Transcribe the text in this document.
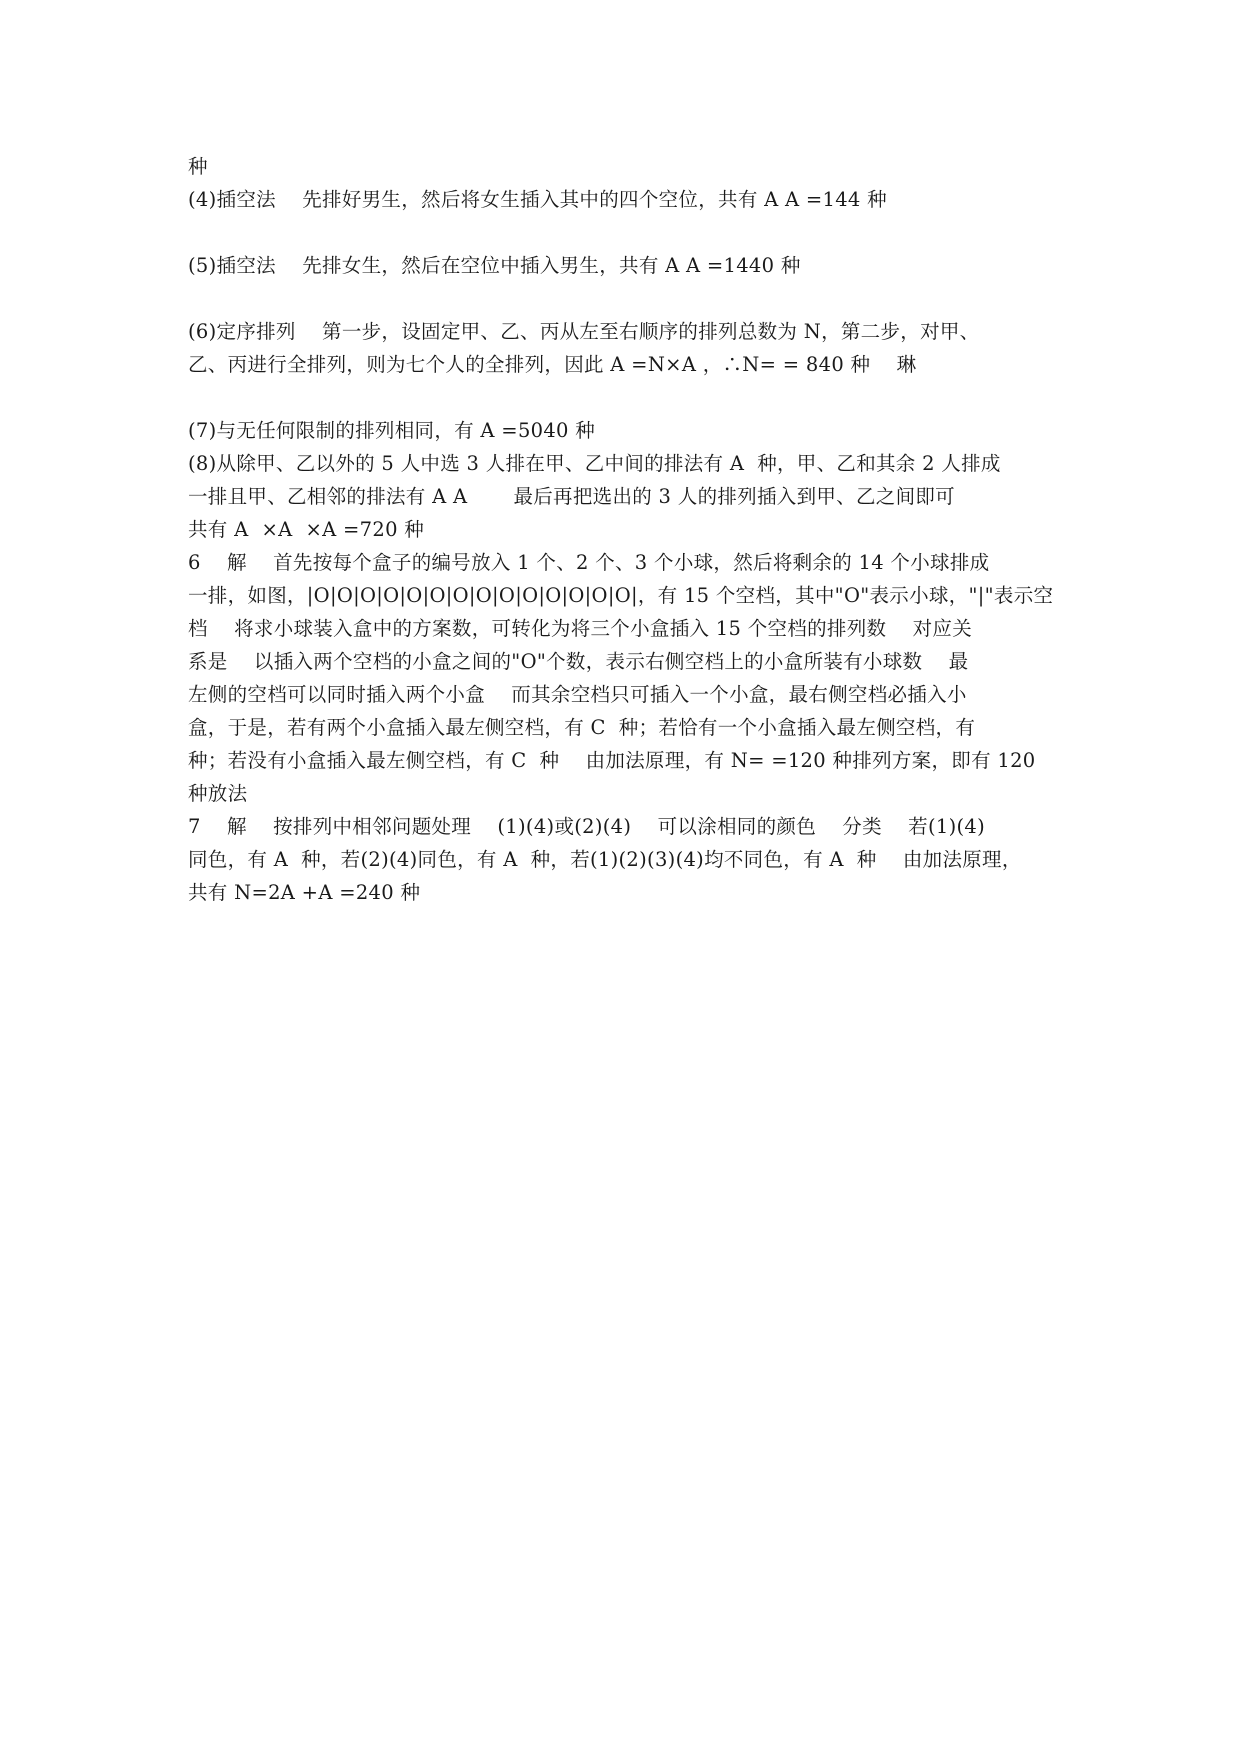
种
(4)插空法　 先排好男生，然后将女生插入其中的四个空位，共有 A A =144 种
(5)插空法　 先排女生，然后在空位中插入男生，共有 A A =1440 种
(6)定序排列　 第一步，设固定甲、乙、丙从左至右顺序的排列总数为 N，第二步，对甲、
乙、丙进行全排列，则为七个人的全排列，因此 A =N×A ，∴N= = 840 种　 琳
(7)与无任何限制的排列相同，有 A =5040 种
(8)从除甲、乙以外的 5 人中选 3 人排在甲、乙中间的排法有 A  种，甲、乙和其余 2 人排成
一排且甲、乙相邻的排法有 A A 　　最后再把选出的 3 人的排列插入到甲、乙之间即可
共有 A  ×A  ×A =720 种
6　 解　 首先按每个盒子的编号放入 1 个、2 个、3 个小球，然后将剩余的 14 个小球排成
一排，如图，|O|O|O|O|O|O|O|O|O|O|O|O|O|O|，有 15 个空档，其中"O"表示小球，"|"表示空
档　 将求小球装入盒中的方案数，可转化为将三个小盒插入 15 个空档的排列数　 对应关
系是　 以插入两个空档的小盒之间的"O"个数，表示右侧空档上的小盒所装有小球数　 最
左侧的空档可以同时插入两个小盒　 而其余空档只可插入一个小盒，最右侧空档必插入小
盒，于是，若有两个小盒插入最左侧空档，有 C  种；若恰有一个小盒插入最左侧空档，有
种；若没有小盒插入最左侧空档，有 C  种　 由加法原理，有 N= =120 种排列方案，即有 120
种放法
7　 解　 按排列中相邻问题处理　 (1)(4)或(2)(4)　 可以涂相同的颜色　 分类　 若(1)(4)
同色，有 A  种，若(2)(4)同色，有 A  种，若(1)(2)(3)(4)均不同色，有 A  种　 由加法原理，
共有 N=2A +A =240 种
